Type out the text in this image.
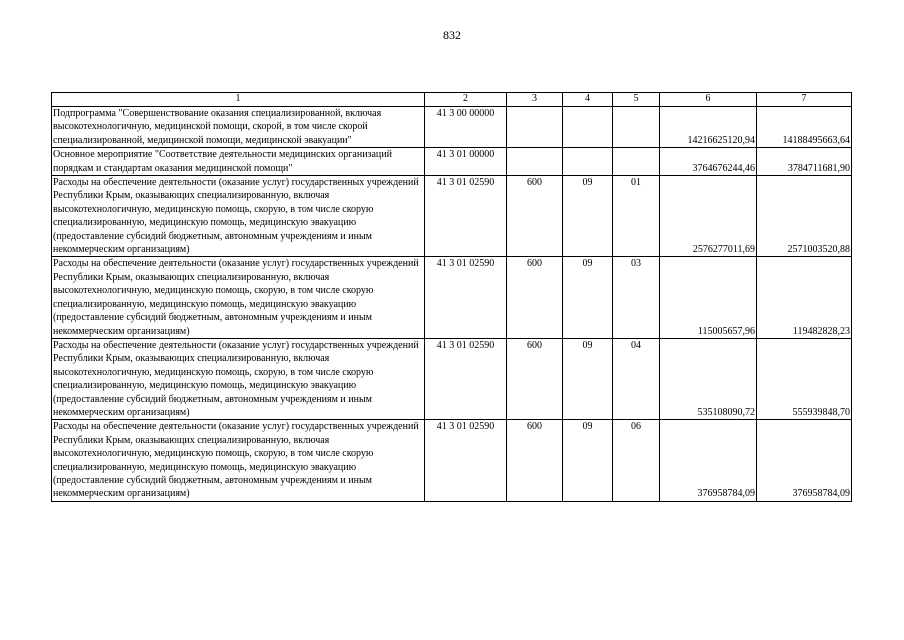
832
1	2	3	4	5	6	7
Подпрограмма "Совершенствование оказания специализированной, включая высокотехнологичную, медицинской помощи, скорой, в том числе скорой специализированной, медицинской помощи, медицинской эвакуации"	41 3 00 00000				14216625120,94	14188495663,64
Основное мероприятие "Соответствие деятельности медицинских организаций порядкам и стандартам оказания медицинской помощи"	41 3 01 00000				3764676244,46	3784711681,90
Расходы на обеспечение деятельности (оказание услуг) государственных учреждений Республики Крым, оказывающих специализированную, включая высокотехнологичную, медицинскую помощь, скорую, в том числе скорую специализированную, медицинскую помощь, медицинскую эвакуацию (предоставление субсидий бюджетным, автономным учреждениям и иным некоммерческим организациям)	41 3 01 02590	600	09	01	2576277011,69	2571003520,88
Расходы на обеспечение деятельности (оказание услуг) государственных учреждений Республики Крым, оказывающих специализированную, включая высокотехнологичную, медицинскую помощь, скорую, в том числе скорую специализированную, медицинскую помощь, медицинскую эвакуацию (предоставление субсидий бюджетным, автономным учреждениям и иным некоммерческим организациям)	41 3 01 02590	600	09	03	115005657,96	119482828,23
Расходы на обеспечение деятельности (оказание услуг) государственных учреждений Республики Крым, оказывающих специализированную, включая высокотехнологичную, медицинскую помощь, скорую, в том числе скорую специализированную, медицинскую помощь, медицинскую эвакуацию (предоставление субсидий бюджетным, автономным учреждениям и иным некоммерческим организациям)	41 3 01 02590	600	09	04	535108090,72	555939848,70
Расходы на обеспечение деятельности (оказание услуг) государственных учреждений Республики Крым, оказывающих специализированную, включая высокотехнологичную, медицинскую помощь, скорую, в том числе скорую специализированную, медицинскую помощь, медицинскую эвакуацию (предоставление субсидий бюджетным, автономным учреждениям и иным некоммерческим организациям)	41 3 01 02590	600	09	06	376958784,09	376958784,09
